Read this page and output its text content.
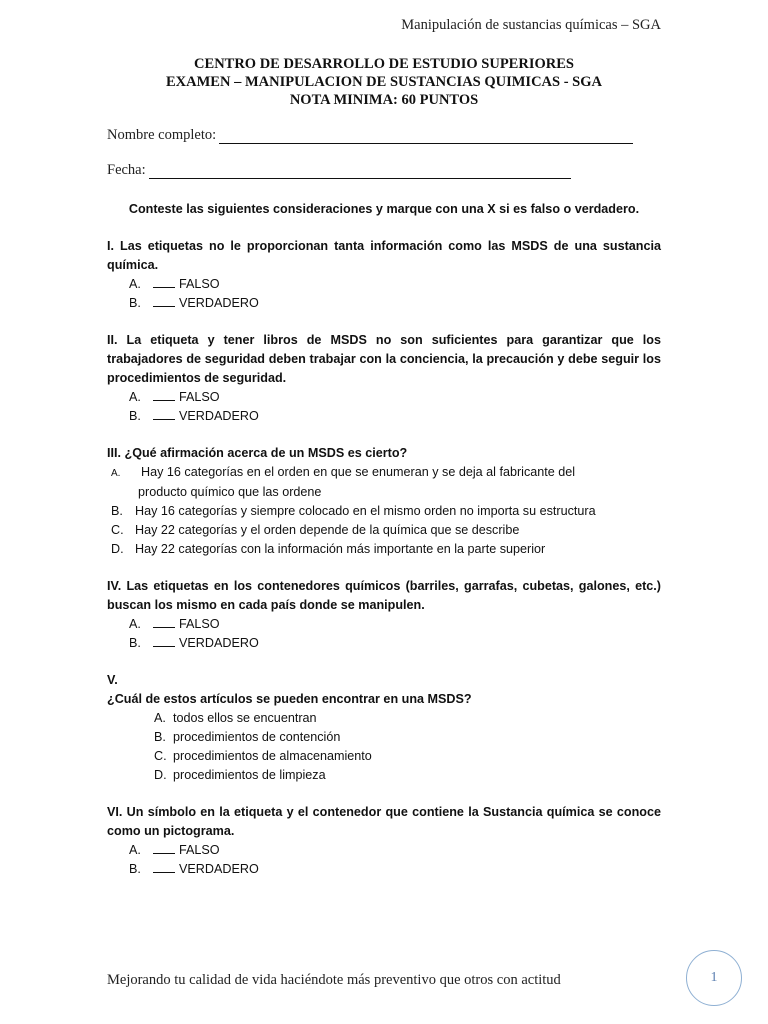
Manipulación de sustancias químicas – SGA
CENTRO DE DESARROLLO DE ESTUDIO SUPERIORES
EXAMEN – MANIPULACION DE SUSTANCIAS QUIMICAS - SGA
NOTA MINIMA: 60 PUNTOS
Nombre completo:
Fecha:

Conteste las siguientes consideraciones y marque con una X si es falso o verdadero.

I. Las etiquetas no le proporcionan tanta información como las MSDS de una sustancia química.

A.	FALSO
B.	VERDADERO

II. La etiqueta y tener libros de MSDS no son suficientes para garantizar que los trabajadores de seguridad deben trabajar con la conciencia, la precaución y debe seguir los procedimientos de seguridad.

A.	FALSO
B.	VERDADERO

III. ¿Qué afirmación acerca de un MSDS es cierto?

A. Hay 16 categorías en el orden en que se enumeran y se deja al fabricante del
producto químico que las ordene
B. Hay 16 categorías y siempre colocado en el mismo orden no importa su estructura
C. Hay 22 categorías y el orden depende de la química que se describe
D. Hay 22 categorías con la información más importante en la parte superior

IV. Las etiquetas en los contenedores químicos (barriles, garrafas, cubetas, galones, etc.) buscan los mismo en cada país donde se manipulen.

A.	FALSO
B.	VERDADERO

V.

¿Cuál de estos artículos se pueden encontrar en una MSDS?

A. todos ellos se encuentran
B. procedimientos de contención
C. procedimientos de almacenamiento
D. procedimientos de limpieza

VI. Un símbolo en la etiqueta y el contenedor que contiene la Sustancia química se conoce como un pictograma.

A.	FALSO
B.	VERDADERO
Mejorando tu calidad de vida haciéndote más preventivo que otros con actitud	1
